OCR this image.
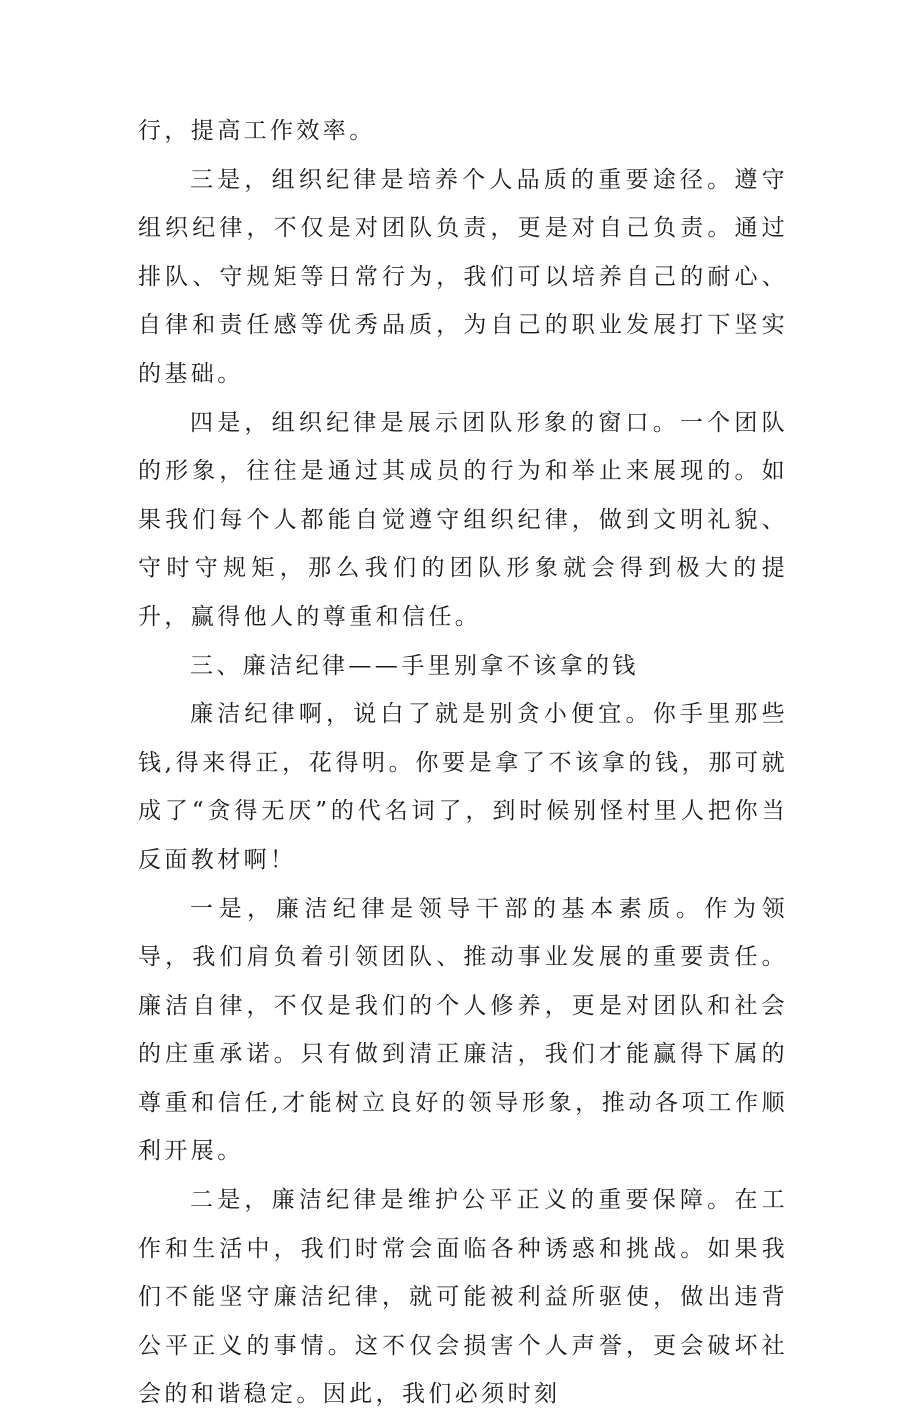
行，提高工作效率。

三是，组织纪律是培养个人品质的重要途径。遵守组织纪律，不仅是对团队负责，更是对自己负责。通过排队、守规矩等日常行为，我们可以培养自己的耐心、自律和责任感等优秀品质，为自己的职业发展打下坚实的基础。

四是，组织纪律是展示团队形象的窗口。一个团队的形象，往往是通过其成员的行为和举止来展现的。如果我们每个人都能自觉遵守组织纪律，做到文明礼貌、守时守规矩，那么我们的团队形象就会得到极大的提升，赢得他人的尊重和信任。

三、廉洁纪律——手里别拿不该拿的钱

廉洁纪律啊，说白了就是别贪小便宜。你手里那些钱,得来得正，花得明。你要是拿了不该拿的钱，那可就成了“贪得无厌”的代名词了，到时候别怪村里人把你当反面教材啊！

一是，廉洁纪律是领导干部的基本素质。作为领导，我们肩负着引领团队、推动事业发展的重要责任。廉洁自律，不仅是我们的个人修养，更是对团队和社会的庄重承诺。只有做到清正廉洁，我们才能赢得下属的尊重和信任,才能树立良好的领导形象，推动各项工作顺利开展。

二是，廉洁纪律是维护公平正义的重要保障。在工作和生活中，我们时常会面临各种诱惑和挑战。如果我们不能坚守廉洁纪律，就可能被利益所驱使，做出违背公平正义的事情。这不仅会损害个人声誉，更会破坏社会的和谐稳定。因此，我们必须时刻
